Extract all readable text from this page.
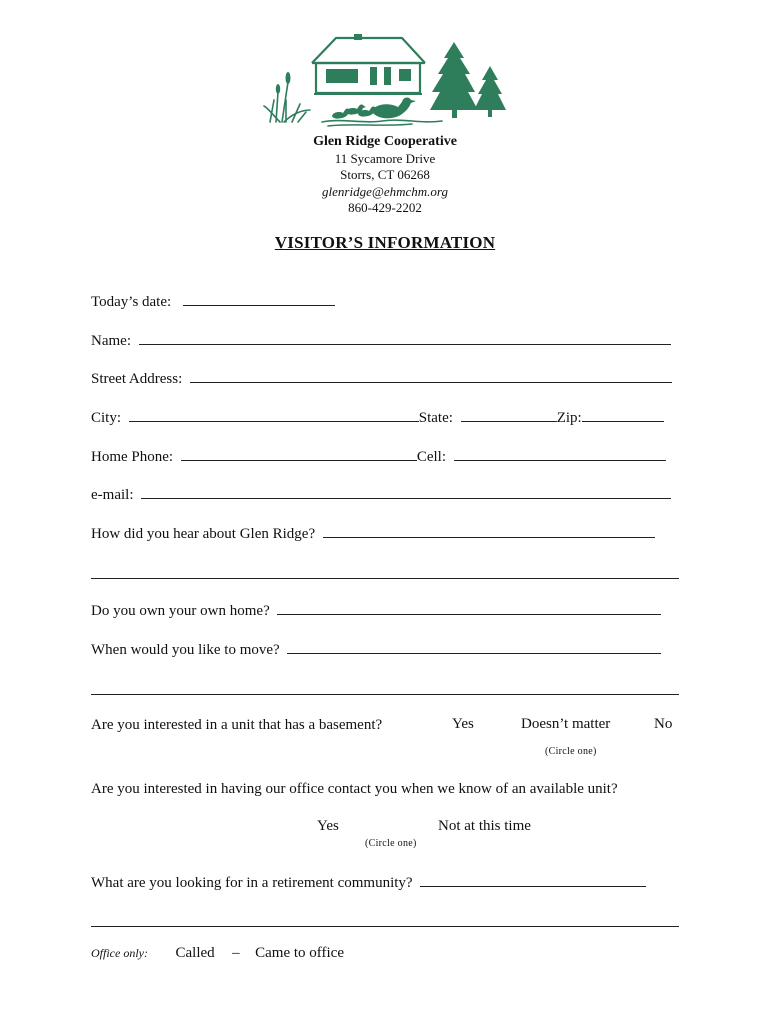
Glen Ridge Cooperative
11 Sycamore Drive
Storrs, CT 06268
glenridge@ehmchm.org
860-429-2202
VISITOR’S INFORMATION
Today’s date:
Name:
Street Address:
City:	State:	Zip:
Home Phone:	Cell:
e-mail:
How did you hear about Glen Ridge?
Do you own your own home?
When would you like to move?
Are you interested in a unit that has a basement?	Yes	Doesn’t matter	No
(Circle one)
Are you interested in having our office contact you when we know of an available unit?
Yes	Not at this time
(Circle one)
What are you looking for in a retirement community?
Office only: Called – Came to office
